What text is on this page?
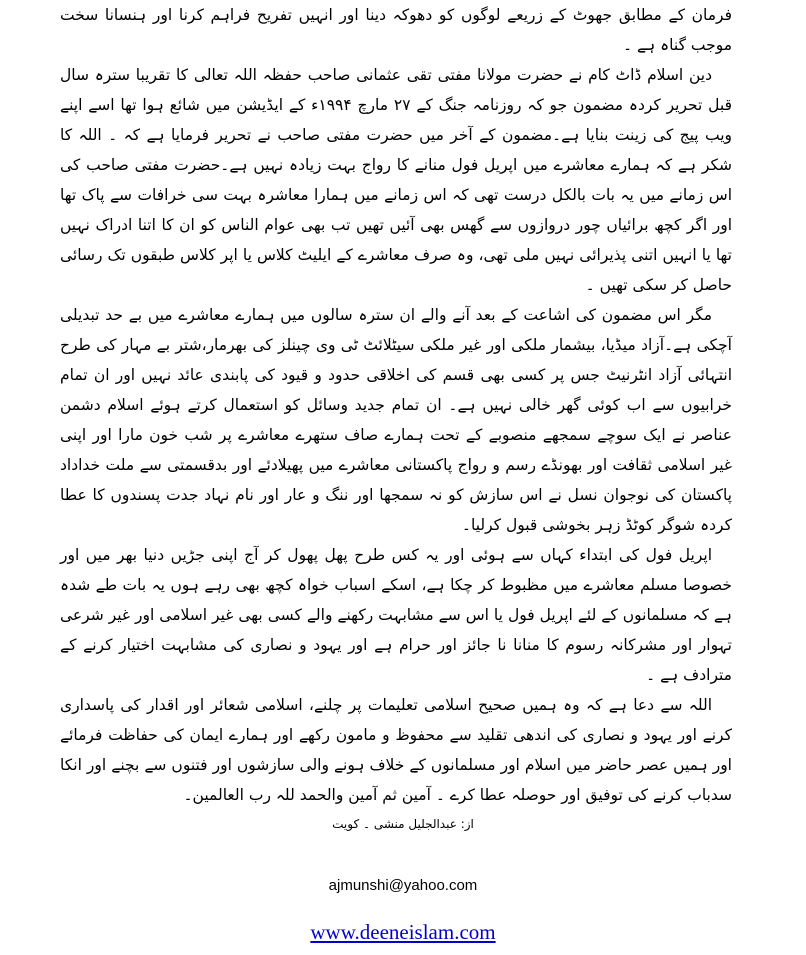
فرمان کے مطابق جھوٹ کے زریعے لوگوں کو دھوکہ دینا اور انہیں تفریح فراہم کرنا اور ہنسانا سخت موجب گناہ ہے ۔

دین اسلام ڈاٹ کام نے حضرت مولانا مفتی تقی عثمانی صاحب حفظہ اللہ تعالی کا تقریبا سترہ سال قبل تحریر کردہ مضمون جو کہ روزنامہ جنگ کے ۲۷ مارچ ۱۹۹۴ء کے ایڈیشن میں شائع ہوا تھا اسے اپنے ویب پیج کی زینت بنایا ہے۔مضمون کے آخر میں حضرت مفتی صاحب نے تحریر فرمایا ہے کہ ۔ اللہ کا شکر ہے کہ ہمارے معاشرے میں اپریل فول منانے کا رواج بہت زیادہ نہیں ہے۔حضرت مفتی صاحب کی اس زمانے میں یہ بات بالکل درست تھی کہ اس زمانے میں ہمارا معاشرہ بہت سی خرافات سے پاک تھا اور اگر کچھ برائیاں چور دروازوں سے گھس بھی آئیں تھیں تب بھی عوام الناس کو ان کا اتنا ادراک نہیں تھا یا انہیں اتنی پذیرائی نہیں ملی تھی، وہ صرف معاشرے کے ایلیٹ کلاس یا اپر کلاس طبقوں تک رسائی حاصل کر سکی تھیں ۔

مگر اس مضمون کی اشاعت کے بعد آنے والے ان سترہ سالوں میں ہمارے معاشرے میں بے حد تبدیلی آچکی ہے۔آزاد میڈیا، بیشمار ملکی اور غیر ملکی سیٹلائٹ ٹی وی چینلز کی بھرمار،شتر بے مہار کی طرح انتہائی آزاد انٹرنیٹ جس پر کسی بھی قسم کی اخلاقی حدود و قیود کی پابندی عائد نہیں اور ان تمام خرابیوں سے اب کوئی گھر خالی نہیں ہے۔ ان تمام جدید وسائل کو استعمال کرتے ہوئے اسلام دشمن عناصر نے ایک سوچے سمجھے منصوبے کے تحت ہمارے صاف ستھرے معاشرے پر شب خون مارا اور اپنی غیر اسلامی ثقافت اور بھونڈے رسم و رواج پاکستانی معاشرے میں پھیلادئے اور بدقسمتی سے ملت خداداد پاکستان کی نوجوان نسل نے اس سازش کو نہ سمجھا اور ننگ و عار اور نام نہاد جدت پسندوں کا عطا کردہ شوگر کوٹڈ زہر بخوشی قبول کرلیا۔

اپریل فول کی ابتداء کہاں سے ہوئی اور یہ کس طرح پھل پھول کر آج اپنی جڑیں دنیا بھر میں اور خصوصا مسلم معاشرے میں مظبوط کر چکا ہے، اسکے اسباب خواہ کچھ بھی رہے ہوں یہ بات طے شدہ ہے کہ مسلمانوں کے لئے اپریل فول یا اس سے مشابہت رکھنے والے کسی بھی غیر اسلامی اور غیر شرعی تہوار اور مشرکانہ رسوم کا منانا نا جائز اور حرام ہے اور یہود و نصاری کی مشابہت اختیار کرنے کے مترادف ہے ۔

اللہ سے دعا ہے کہ وہ ہمیں صحیح اسلامی تعلیمات پر چلنے، اسلامی شعائر اور اقدار کی پاسداری کرنے اور یہود و نصاری کی اندھی تقلید سے محفوظ و مامون رکھے اور ہمارے ایمان کی حفاظت فرمائے اور ہمیں عصر حاضر میں اسلام اور مسلمانوں کے خلاف ہونے والی سازشوں اور فتنوں سے بچنے اور انکا سدباب کرنے کی توفیق اور حوصلہ عطا کرے ۔ آمین ثم آمین والحمد للہ رب العالمین۔

از: عبدالجلیل منشی ۔ کویت
ajmunshi@yahoo.com
www.deeneislam.com
